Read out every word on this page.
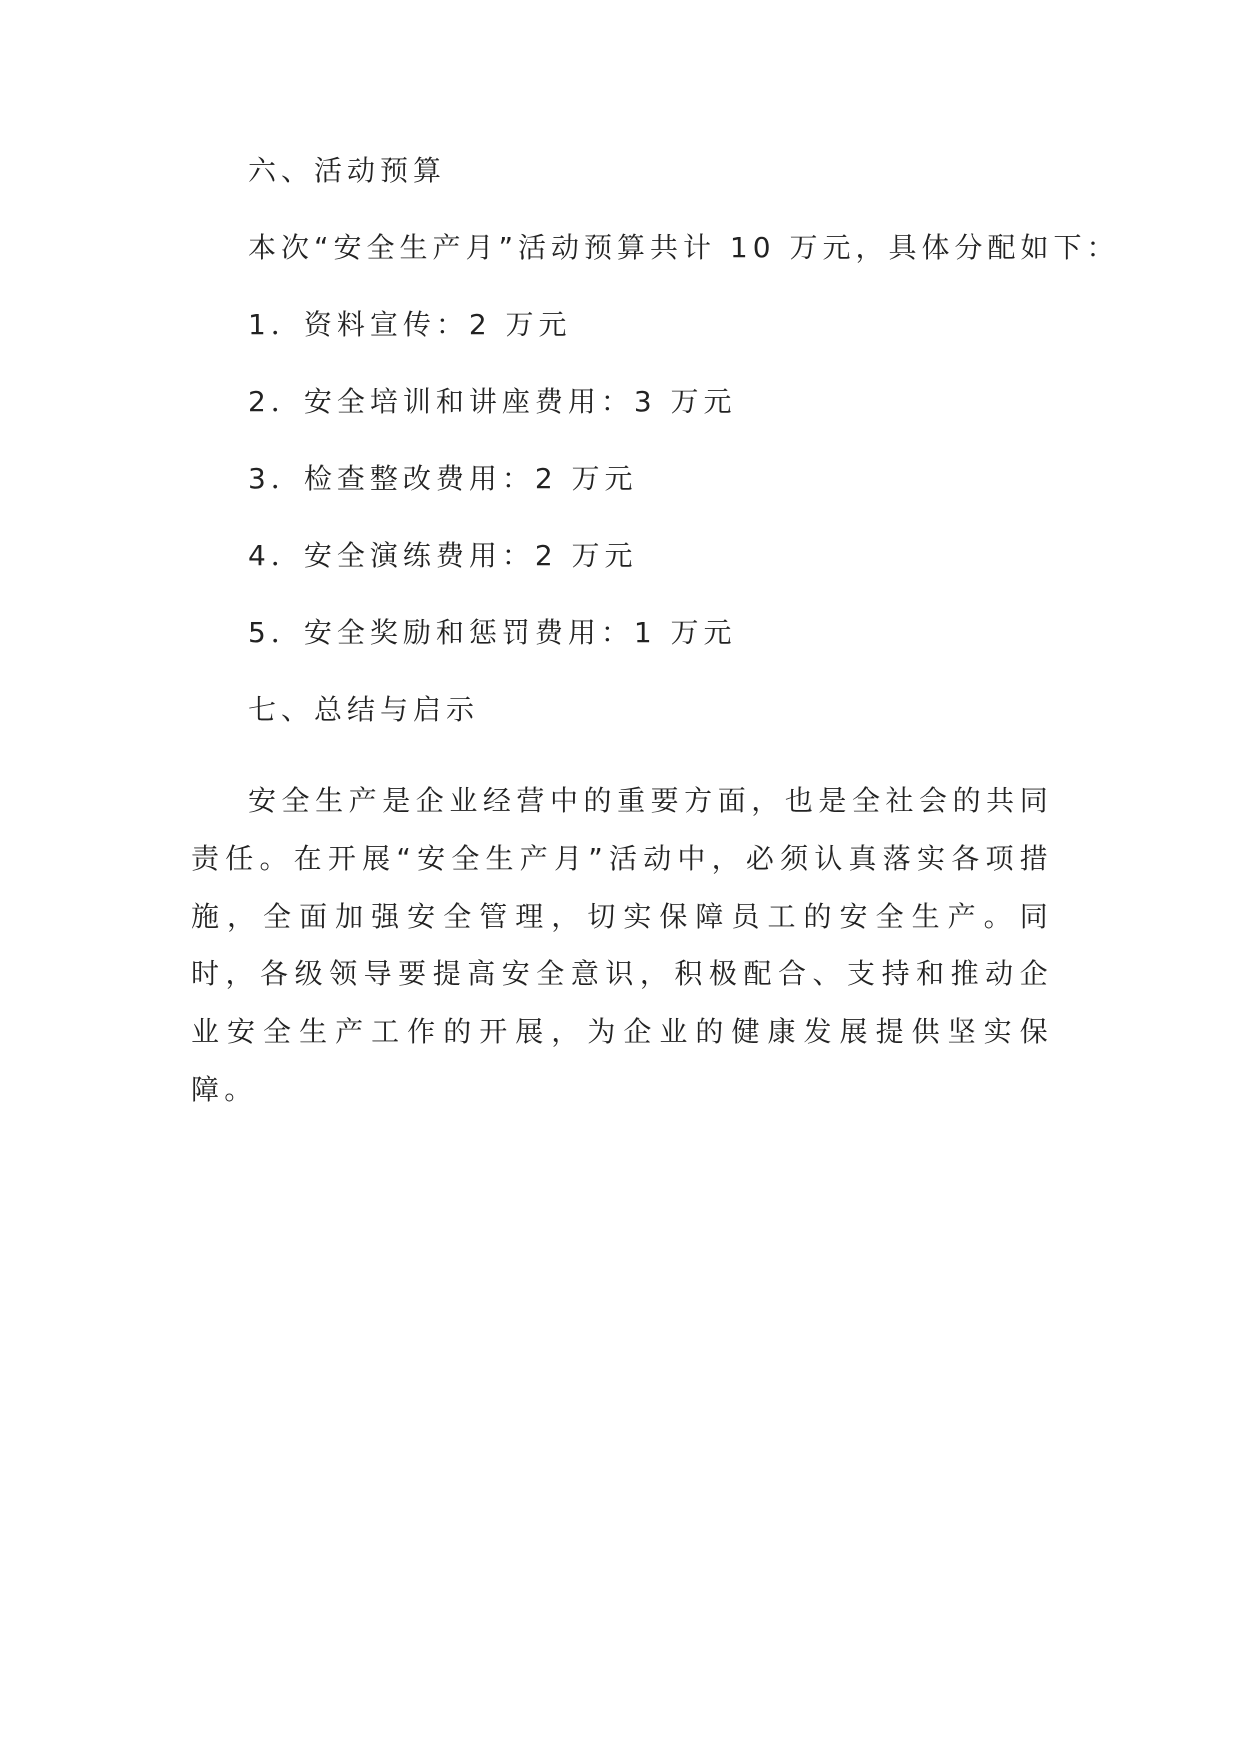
六、活动预算
本次“安全生产月”活动预算共计 10 万元，具体分配如下：
1．资料宣传：2 万元
2．安全培训和讲座费用：3 万元
3．检查整改费用：2 万元
4．安全演练费用：2 万元
5．安全奖励和惩罚费用：1 万元
七、总结与启示

安全生产是企业经营中的重要方面，也是全社会的共同责任。在开展“安全生产月”活动中，必须认真落实各项措施，全面加强安全管理，切实保障员工的安全生产。同时，各级领导要提高安全意识，积极配合、支持和推动企业安全生产工作的开展，为企业的健康发展提供坚实保障。
